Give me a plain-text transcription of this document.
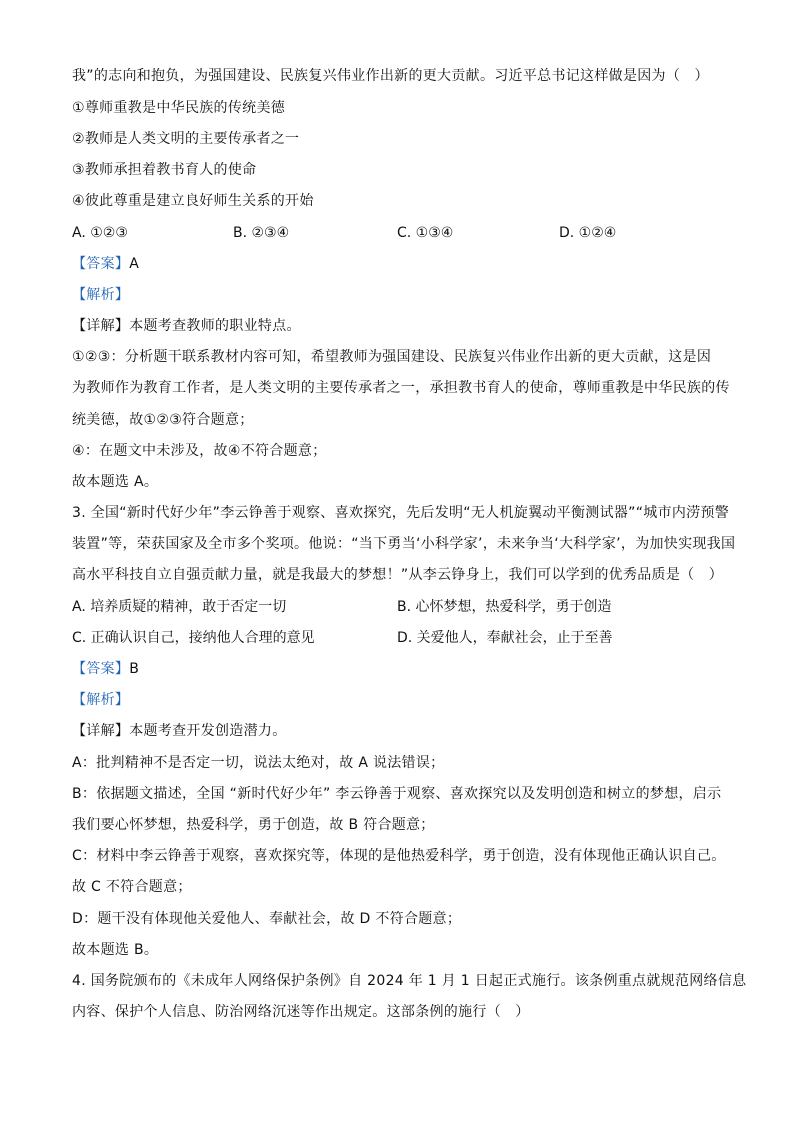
我”的志向和抱负，为强国建设、民族复兴伟业作出新的更大贡献。习近平总书记这样做是因为（　）
①尊师重教是中华民族的传统美德
②教师是人类文明的主要传承者之一
③教师承担着教书育人的使命
④彼此尊重是建立良好师生关系的开始
A. ①②③	B. ②③④	C. ①③④	D. ①②④
【答案】A
【解析】
【详解】本题考查教师的职业特点。
①②③：分析题干联系教材内容可知，希望教师为强国建设、民族复兴伟业作出新的更大贡献，这是因
为教师作为教育工作者，是人类文明的主要传承者之一，承担教书育人的使命，尊师重教是中华民族的传
统美德，故①②③符合题意；
④：在题文中未涉及，故④不符合题意；
故本题选 A。
3. 全国“新时代好少年”李云铮善于观察、喜欢探究，先后发明“无人机旋翼动平衡测试器”“城市内涝预警
装置”等，荣获国家及全市多个奖项。他说：“当下勇当‘小科学家’，未来争当‘大科学家’，为加快实现我国
高水平科技自立自强贡献力量，就是我最大的梦想！”从李云铮身上，我们可以学到的优秀品质是（　）
A. 培养质疑的精神，敢于否定一切	B. 心怀梦想，热爱科学，勇于创造
C. 正确认识自己，接纳他人合理的意见	D. 关爱他人，奉献社会，止于至善
【答案】B
【解析】
【详解】本题考查开发创造潜力。
A：批判精神不是否定一切，说法太绝对，故 A 说法错误；
B：依据题文描述，全国 “新时代好少年” 李云铮善于观察、喜欢探究以及发明创造和树立的梦想，启示
我们要心怀梦想，热爱科学，勇于创造，故 B 符合题意；
C：材料中李云铮善于观察，喜欢探究等，体现的是他热爱科学，勇于创造，没有体现他正确认识自己。
故 C 不符合题意；
D：题干没有体现他关爱他人、奉献社会，故 D 不符合题意；
故本题选 B。
4. 国务院颁布的《未成年人网络保护条例》自 2024 年 1 月 1 日起正式施行。该条例重点就规范网络信息
内容、保护个人信息、防治网络沉迷等作出规定。这部条例的施行（　）
